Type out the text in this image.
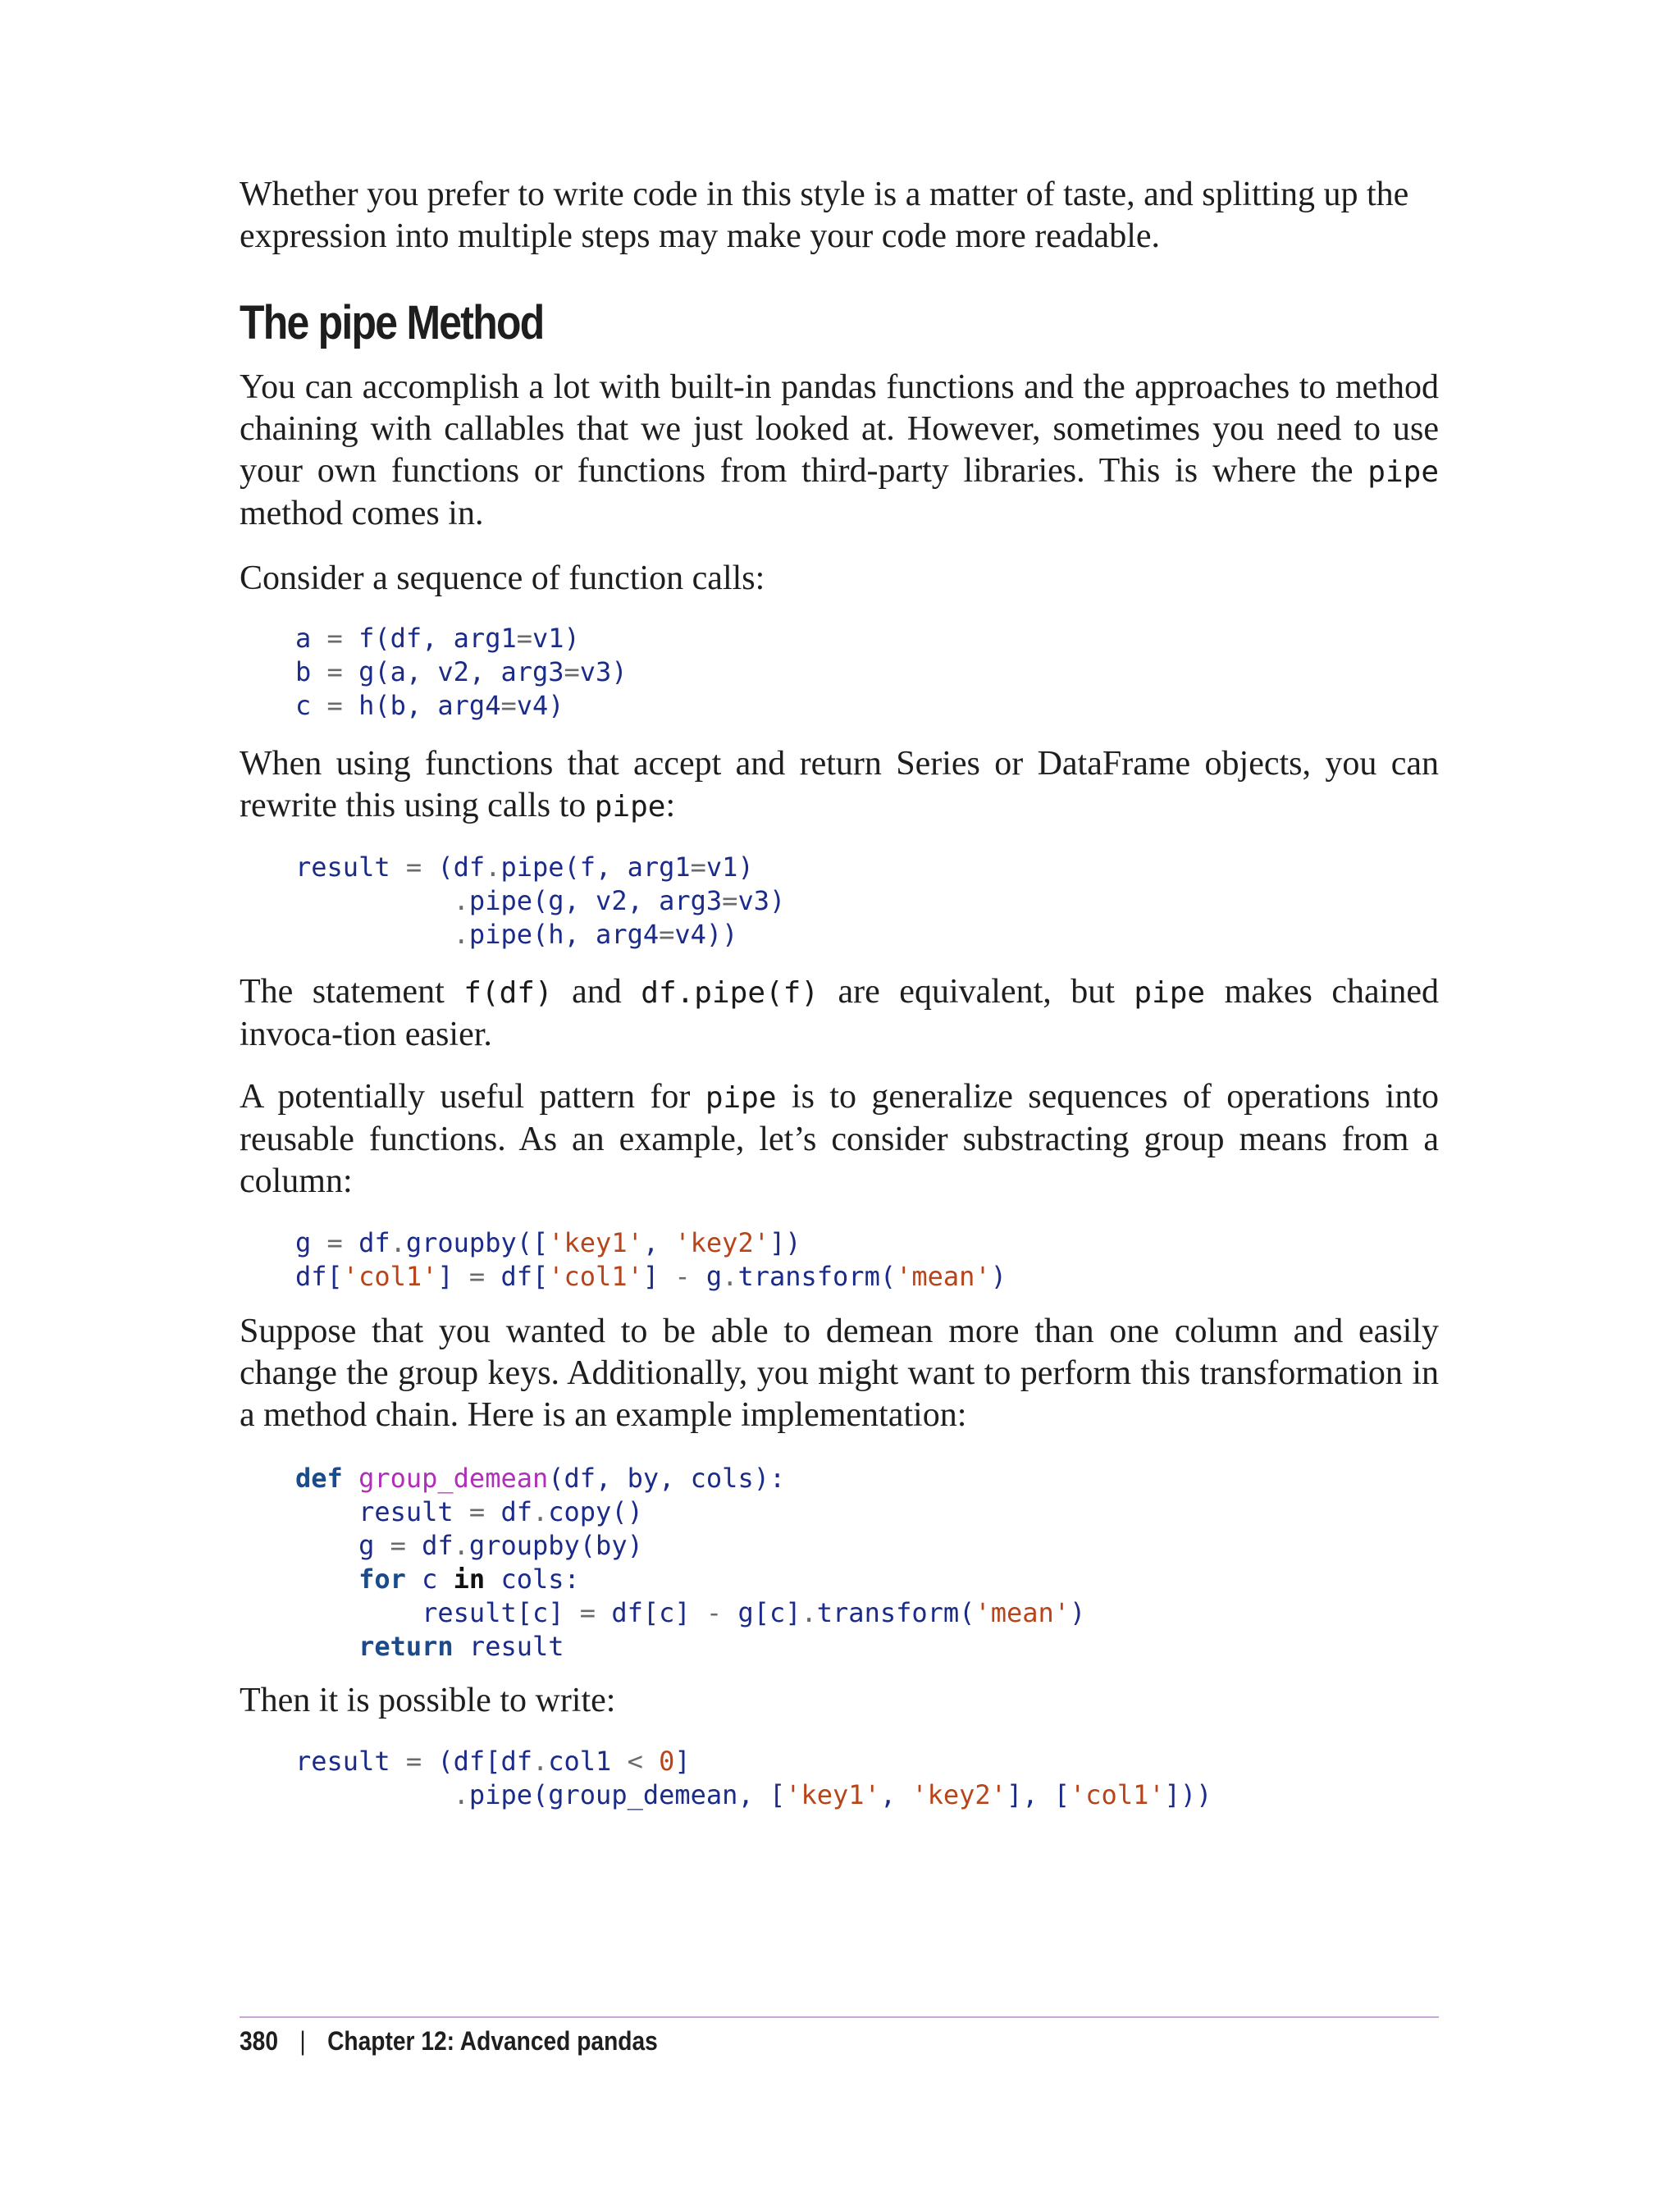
Whether you prefer to write code in this style is a matter of taste, and splitting up the
expression into multiple steps may make your code more readable.

The pipe Method

You can accomplish a lot with built-in pandas functions and the approaches to method chaining with callables that we just looked at. However, sometimes you need to use your own functions or functions from third-party libraries. This is where the pipe method comes in.

Consider a sequence of function calls:

a = f(df, arg1=v1)
b = g(a, v2, arg3=v3)
c = h(b, arg4=v4)

When using functions that accept and return Series or DataFrame objects, you can rewrite this using calls to pipe:

result = (df.pipe(f, arg1=v1)
.pipe(g, v2, arg3=v3)
.pipe(h, arg4=v4))

The statement f(df) and df.pipe(f) are equivalent, but pipe makes chained invoca-tion easier.

A potentially useful pattern for pipe is to generalize sequences of operations into reusable functions. As an example, let’s consider substracting group means from a column:

g = df.groupby(['key1', 'key2'])
df['col1'] = df['col1'] - g.transform('mean')

Suppose that you wanted to be able to demean more than one column and easily change the group keys. Additionally, you might want to perform this transformation in a method chain. Here is an example implementation:

def group_demean(df, by, cols):
result = df.copy()
g = df.groupby(by)
for c in cols:
result[c] = df[c] - g[c].transform('mean')
return result

Then it is possible to write:

result = (df[df.col1 < 0]
.pipe(group_demean, ['key1', 'key2'], ['col1']))
380 | Chapter 12: Advanced pandas
